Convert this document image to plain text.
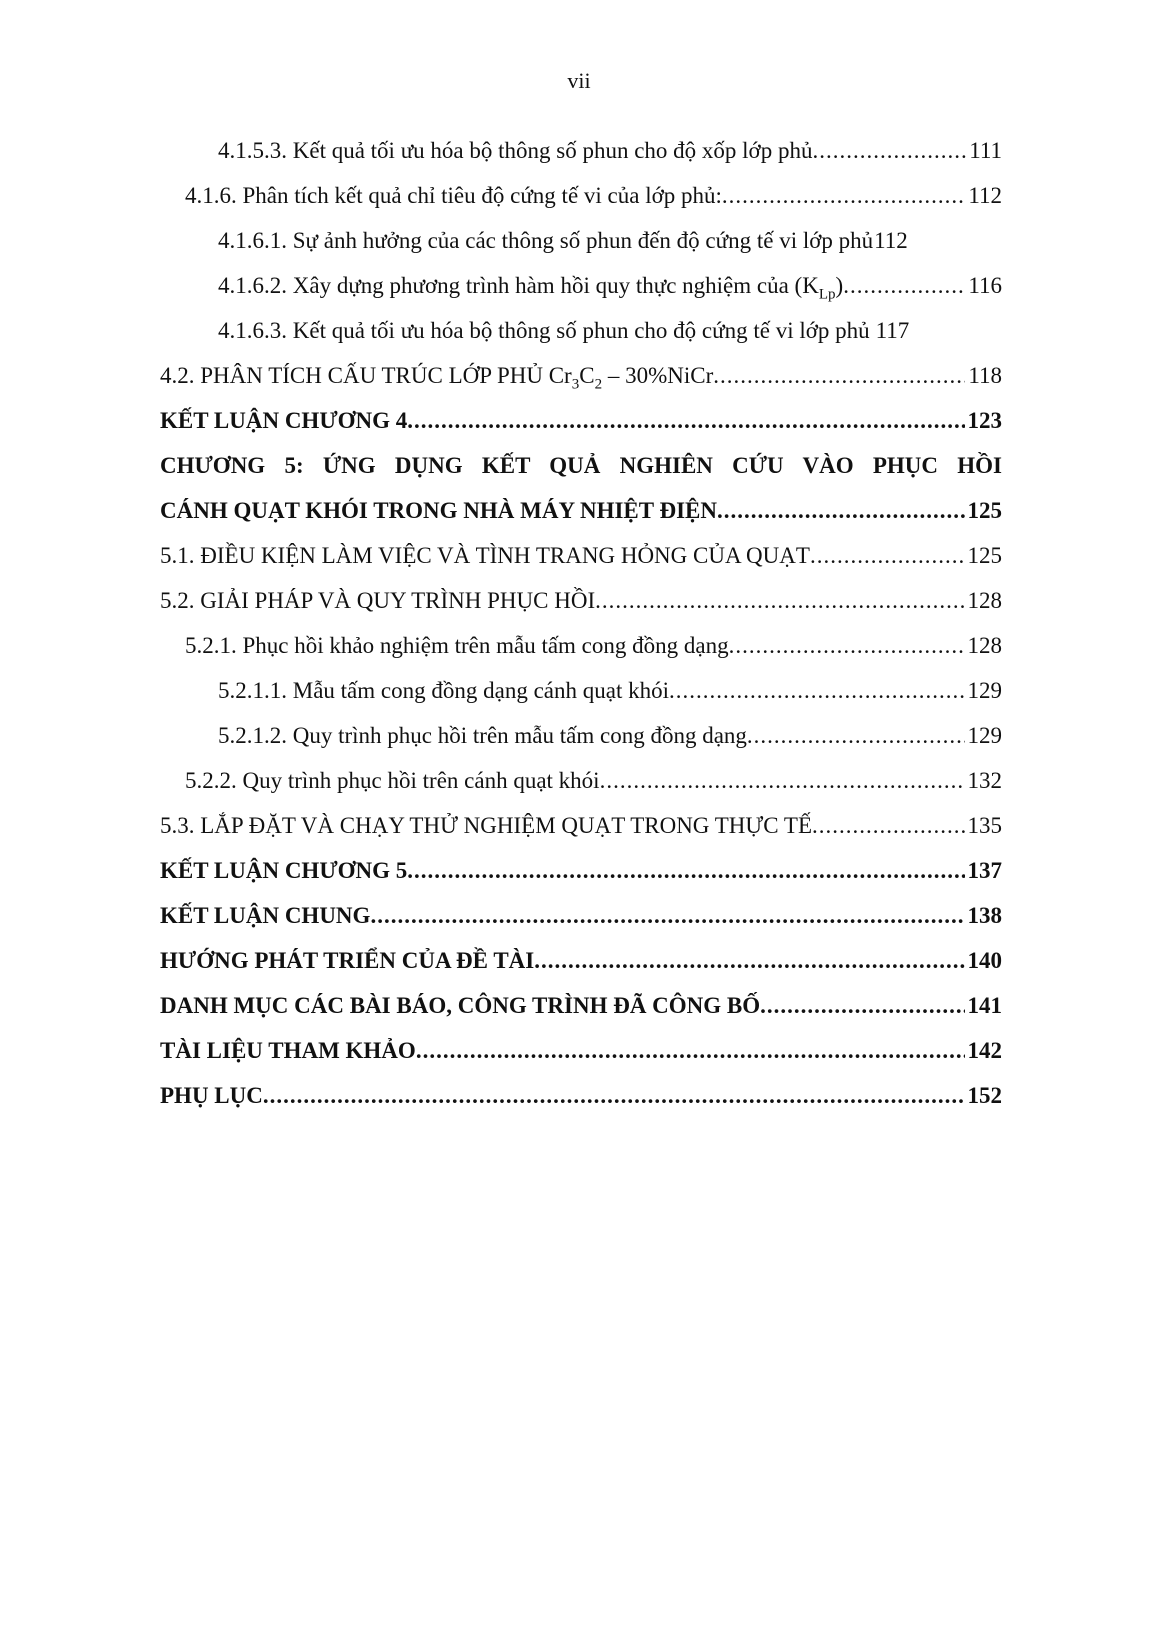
vii
4.1.5.3. Kết quả tối ưu hóa bộ thông số phun cho độ xốp lớp phủ .....	111
4.1.6. Phân tích kết quả chỉ tiêu độ cứng tế vi của lớp phủ: .....	112
4.1.6.1. Sự ảnh hưởng của các thông số phun đến độ cứng tế vi lớp phủ 112
4.1.6.2. Xây dựng phương trình hàm hồi quy thực nghiệm của $(K_{Lp})$ .....	116
4.1.6.3. Kết quả tối ưu hóa bộ thông số phun cho độ cứng tế vi lớp phủ 117
4.2. PHÂN TÍCH CẤU TRÚC LỚP PHỦ $Cr_3C_2$ – 30%NiCr .....	118
KẾT LUẬN CHƯƠNG 4 .....	123
CHƯƠNG 5: ỨNG DỤNG KẾT QUẢ NGHIÊN CỨU VÀO PHỤC HỒI
CÁNH QUẠT KHÓI TRONG NHÀ MÁY NHIỆT ĐIỆN .....	125
5.1. ĐIỀU KIỆN LÀM VIỆC VÀ TÌNH TRANG HỎNG CỦA QUẠT .....	125
5.2. GIẢI PHÁP VÀ QUY TRÌNH PHỤC HỒI .....	128
5.2.1. Phục hồi khảo nghiệm trên mẫu tấm cong đồng dạng .....	128
5.2.1.1. Mẫu tấm cong đồng dạng cánh quạt khói .....	129
5.2.1.2. Quy trình phục hồi trên mẫu tấm cong đồng dạng .....	129
5.2.2. Quy trình phục hồi trên cánh quạt khói .....	132
5.3. LẮP ĐẶT VÀ CHẠY THỬ NGHIỆM QUẠT TRONG THỰC TẾ .....	135
KẾT LUẬN CHƯƠNG 5 .....	137
KẾT LUẬN CHUNG .....	138
HƯỚNG PHÁT TRIỂN CỦA ĐỀ TÀI .....	140
DANH MỤC CÁC BÀI BÁO, CÔNG TRÌNH ĐÃ CÔNG BỐ .....	141
TÀI LIỆU THAM KHẢO .....	142
PHỤ LỤC .....	152
